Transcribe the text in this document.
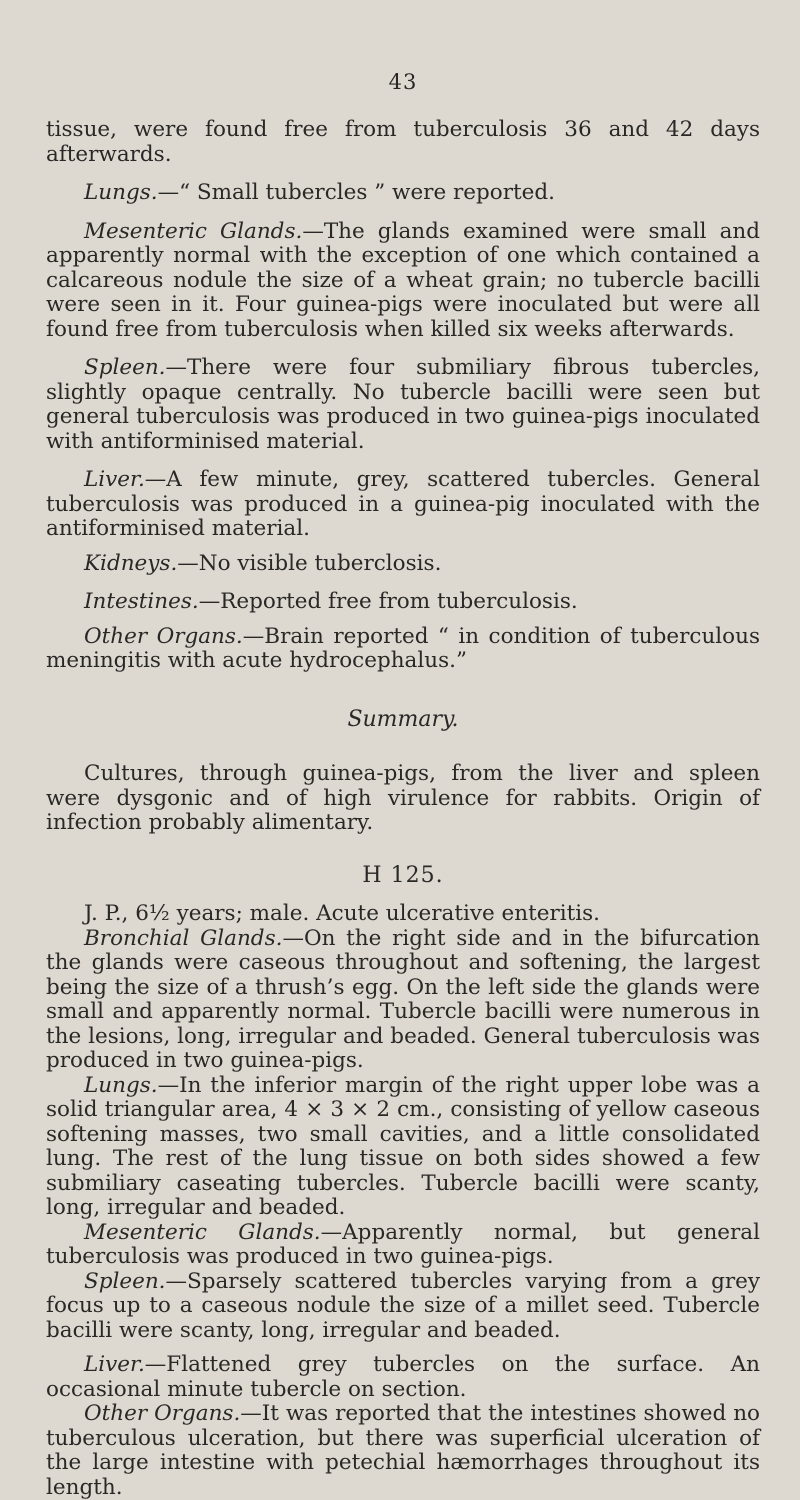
43

tissue, were found free from tuberculosis 36 and 42 days afterwards.

Lungs.—“ Small tubercles ” were reported.

Mesenteric Glands.—The glands examined were small and apparently normal with the exception of one which contained a calcareous nodule the size of a wheat grain; no tubercle bacilli were seen in it. Four guinea-pigs were inoculated but were all found free from tuberculosis when killed six weeks afterwards.

Spleen.—There were four submiliary fibrous tubercles, slightly opaque centrally. No tubercle bacilli were seen but general tuberculosis was produced in two guinea-pigs inoculated with antiforminised material.

Liver.—A few minute, grey, scattered tubercles. General tuberculosis was produced in a guinea-pig inoculated with the antiforminised material.

Kidneys.—No visible tuberclosis.

Intestines.—Reported free from tuberculosis.

Other Organs.—Brain reported “ in condition of tuberculous meningitis with acute hydrocephalus.”

Summary.

Cultures, through guinea-pigs, from the liver and spleen were dysgonic and of high virulence for rabbits. Origin of infection probably alimentary.

H 125.

J. P., 6½ years; male. Acute ulcerative enteritis.

Bronchial Glands.—On the right side and in the bifurcation the glands were caseous throughout and softening, the largest being the size of a thrush’s egg. On the left side the glands were small and apparently normal. Tubercle bacilli were numerous in the lesions, long, irregular and beaded. General tuberculosis was produced in two guinea-pigs.

Lungs.—In the inferior margin of the right upper lobe was a solid triangular area, 4 × 3 × 2 cm., consisting of yellow caseous softening masses, two small cavities, and a little consolidated lung. The rest of the lung tissue on both sides showed a few submiliary caseating tubercles. Tubercle bacilli were scanty, long, irregular and beaded.

Mesenteric Glands.—Apparently normal, but general tuberculosis was produced in two guinea-pigs.

Spleen.—Sparsely scattered tubercles varying from a grey focus up to a caseous nodule the size of a millet seed. Tubercle bacilli were scanty, long, irregular and beaded.

Liver.—Flattened grey tubercles on the surface. An occasional minute tubercle on section.

Other Organs.—It was reported that the intestines showed no tuberculous ulceration, but there was superficial ulceration of the large intestine with petechial hæmorrhages throughout its length.
